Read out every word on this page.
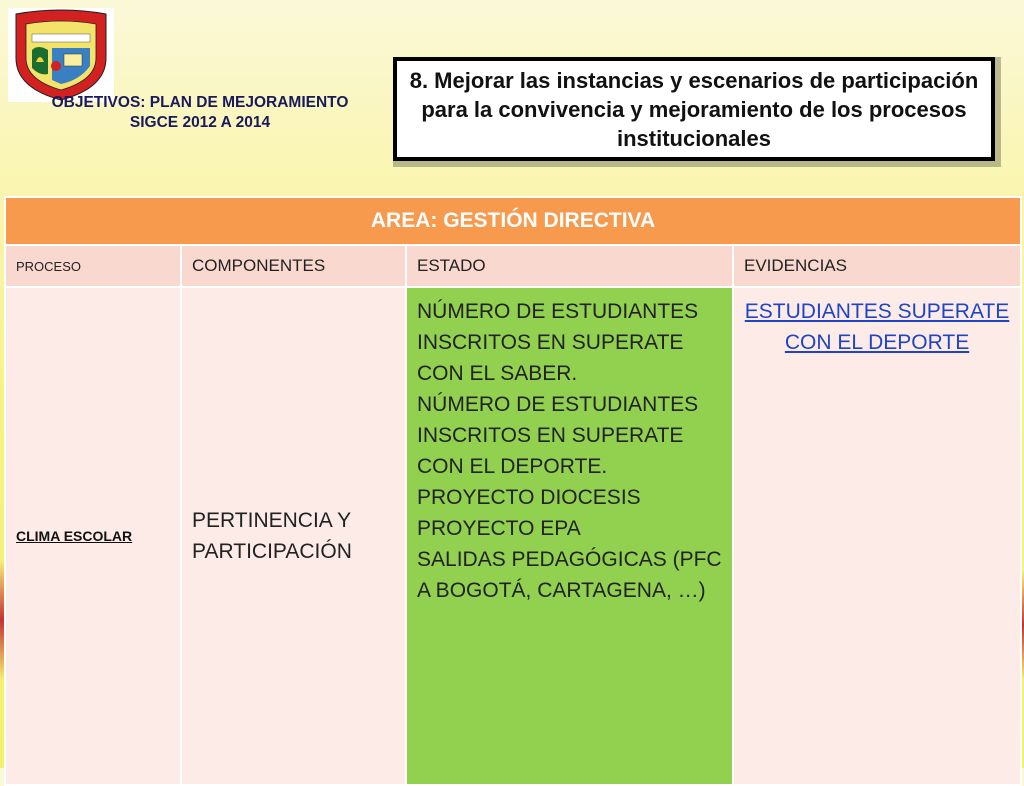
OBJETIVOS: PLAN DE MEJORAMIENTO SIGCE 2012 A 2014
8. Mejorar las instancias y escenarios de participación para la convivencia y mejoramiento de los procesos institucionales
AREA: GESTIÓN DIRECTIVA			
PROCESO	COMPONENTES	ESTADO	EVIDENCIAS
CLIMA ESCOLAR	PERTINENCIA Y PARTICIPACIÓN	NÚMERO DE ESTUDIANTES INSCRITOS EN SUPERATE CON EL SABER.
NÚMERO DE ESTUDIANTES INSCRITOS EN SUPERATE CON EL DEPORTE.
PROYECTO DIOCESIS
PROYECTO EPA
SALIDAS PEDAGÓGICAS (PFC A BOGOTÁ, CARTAGENA, …)	ESTUDIANTES SUPERATE CON EL DEPORTE
